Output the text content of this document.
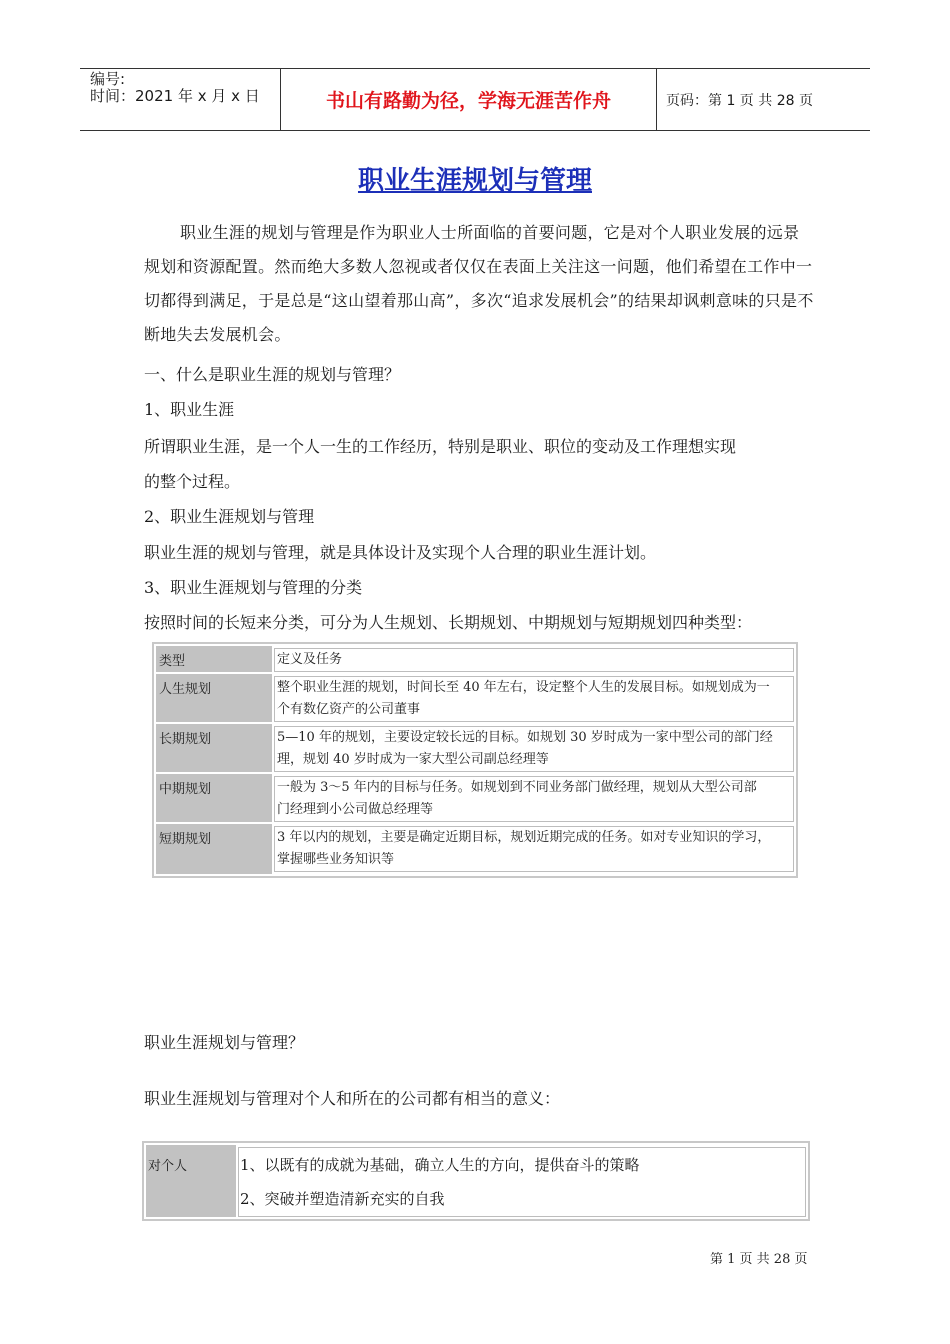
编号:
时间：2021 年 x 月 x 日	书山有路勤为径，学海无涯苦作舟	页码：第 1 页 共 28 页
职业生涯规划与管理
职业生涯的规划与管理是作为职业人士所面临的首要问题，它是对个人职业发展的远景规划和资源配置。然而绝大多数人忽视或者仅仅在表面上关注这一问题，他们希望在工作中一切都得到满足，于是总是“这山望着那山高”，多次“追求发展机会”的结果却讽刺意味的只是不断地失去发展机会。
一、什么是职业生涯的规划与管理？
1、职业生涯
所谓职业生涯，是一个人一生的工作经历，特别是职业、职位的变动及工作理想实现
的整个过程。
2、职业生涯规划与管理
职业生涯的规划与管理，就是具体设计及实现个人合理的职业生涯计划。
3、职业生涯规划与管理的分类
按照时间的长短来分类，可分为人生规划、长期规划、中期规划与短期规划四种类型：
类型	定义及任务
人生规划	整个职业生涯的规划，时间长至 40 年左右，设定整个人生的发展目标。如规划成为一
个有数亿资产的公司董事
长期规划	5—10 年的规划，主要设定较长远的目标。如规划 30 岁时成为一家中型公司的部门经
理，规划 40 岁时成为一家大型公司副总经理等
中期规划	一般为 3～5 年内的目标与任务。如规划到不同业务部门做经理，规划从大型公司部
门经理到小公司做总经理等
短期规划	3 年以内的规划，主要是确定近期目标，规划近期完成的任务。如对专业知识的学习，
掌握哪些业务知识等
职业生涯规划与管理？
职业生涯规划与管理对个人和所在的公司都有相当的意义：
对个人	1、以既有的成就为基础，确立人生的方向，提供奋斗的策略
2、突破并塑造清新充实的自我
第 1 页 共 28 页
